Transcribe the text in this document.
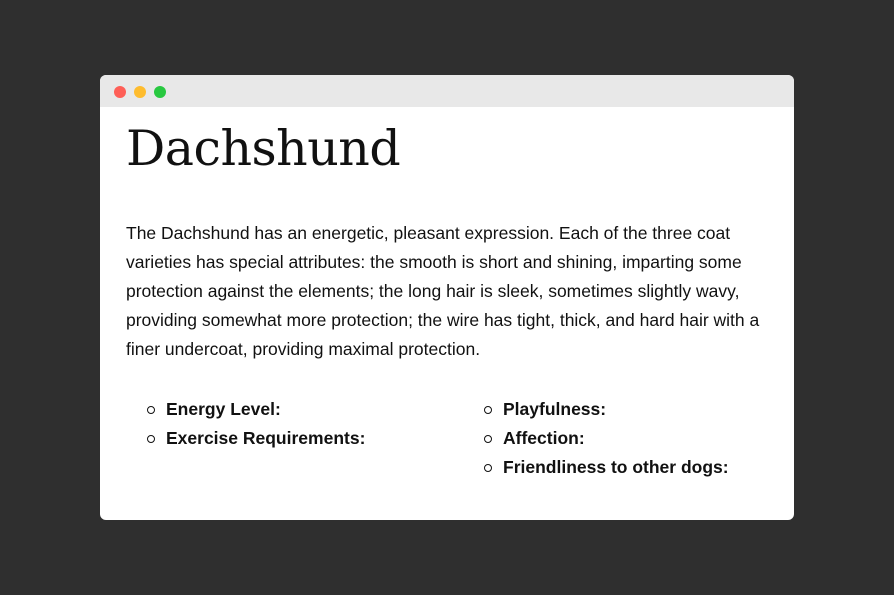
Dachshund

The Dachshund has an energetic, pleasant expression. Each of the three coat varieties has special attributes: the smooth is short and shining, imparting some protection against the elements; the long hair is sleek, sometimes slightly wavy, providing somewhat more protection; the wire has tight, thick, and hard hair with a finer undercoat, providing maximal protection.

Energy Level:
Exercise Requirements:
Playfulness:
Affection:
Friendliness to other dogs:
